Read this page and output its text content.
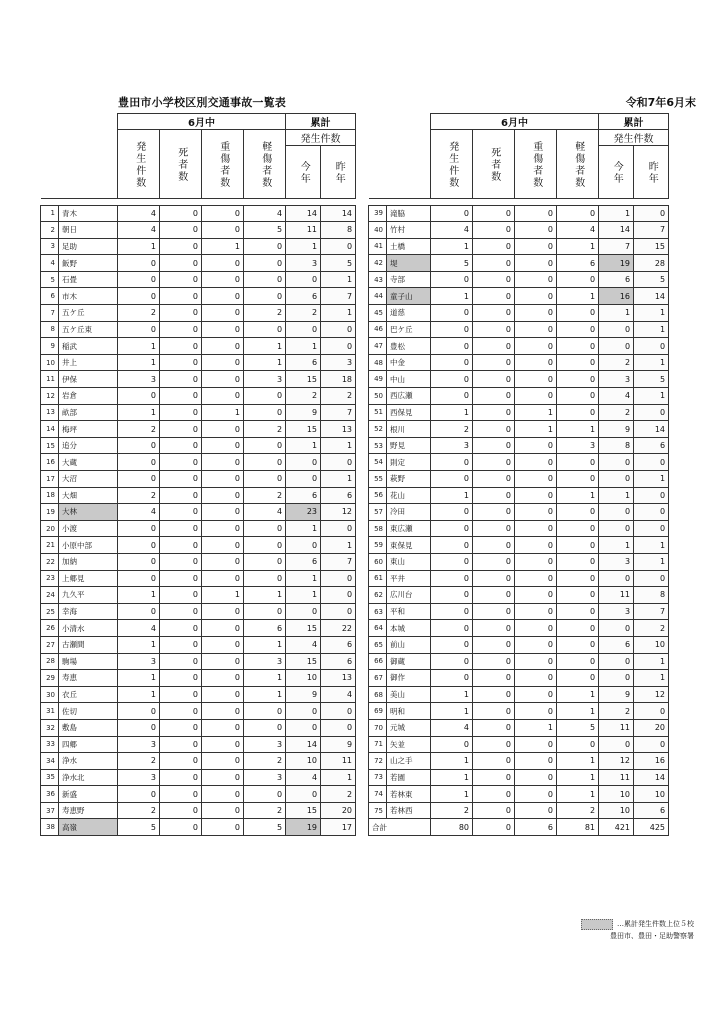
豊田市小学校区別交通事故一覧表	令和7年6月末
		6月中				累計	
		発生件数	死者数	重傷者数	軽傷者数	発生件数	
						今年	昨年

1	青木	4	0	0	4	14	14
2	朝日	4	0	0	5	11	8
3	足助	1	0	1	0	1	0
4	飯野	0	0	0	0	3	5
5	石畳	0	0	0	0	0	1
6	市木	0	0	0	0	6	7
7	五ケ丘	2	0	0	2	2	1
8	五ケ丘東	0	0	0	0	0	0
9	稲武	1	0	0	1	1	0
10	井上	1	0	0	1	6	3
11	伊保	3	0	0	3	15	18
12	岩倉	0	0	0	0	2	2
13	畝部	1	0	1	0	9	7
14	梅坪	2	0	0	2	15	13
15	追分	0	0	0	0	1	1
16	大蔵	0	0	0	0	0	0
17	大沼	0	0	0	0	0	1
18	大畑	2	0	0	2	6	6
19	大林	4	0	0	4	23	12
20	小渡	0	0	0	0	1	0
21	小原中部	0	0	0	0	0	1
22	加納	0	0	0	0	6	7
23	上郷見	0	0	0	0	1	0
24	九久平	1	0	1	1	1	0
25	幸海	0	0	0	0	0	0
26	小清水	4	0	0	6	15	22
27	古瀬間	1	0	0	1	4	6
28	駒場	3	0	0	3	15	6
29	寿恵	1	0	0	1	10	13
30	衣丘	1	0	0	1	9	4
31	佐切	0	0	0	0	0	0
32	敷島	0	0	0	0	0	0
33	四郷	3	0	0	3	14	9
34	浄水	2	0	0	2	10	11
35	浄水北	3	0	0	3	4	1
36	新盛	0	0	0	0	0	2
37	寿恵野	2	0	0	2	15	20
38	高嶺	5	0	0	5	19	17
		6月中				累計	
		発生件数	死者数	重傷者数	軽傷者数	発生件数	
						今年	昨年

39	滝脇	0	0	0	0	1	0
40	竹村	4	0	0	4	14	7
41	土橋	1	0	0	1	7	15
42	堤	5	0	0	6	19	28
43	寺部	0	0	0	0	6	5
44	童子山	1	0	0	1	16	14
45	道慈	0	0	0	0	1	1
46	巴ケ丘	0	0	0	0	0	1
47	豊松	0	0	0	0	0	0
48	中金	0	0	0	0	2	1
49	中山	0	0	0	0	3	5
50	西広瀬	0	0	0	0	4	1
51	西保見	1	0	1	0	2	0
52	根川	2	0	1	1	9	14
53	野見	3	0	0	3	8	6
54	則定	0	0	0	0	0	0
55	萩野	0	0	0	0	0	1
56	花山	1	0	0	1	1	0
57	冷田	0	0	0	0	0	0
58	東広瀬	0	0	0	0	0	0
59	東保見	0	0	0	0	1	1
60	東山	0	0	0	0	3	1
61	平井	0	0	0	0	0	0
62	広川台	0	0	0	0	11	8
63	平和	0	0	0	0	3	7
64	本城	0	0	0	0	0	2
65	前山	0	0	0	0	6	10
66	御蔵	0	0	0	0	0	1
67	御作	0	0	0	0	0	1
68	美山	1	0	0	1	9	12
69	明和	1	0	0	1	2	0
70	元城	4	0	1	5	11	20
71	矢並	0	0	0	0	0	0
72	山之手	1	0	0	1	12	16
73	若園	1	0	0	1	11	14
74	若林東	1	0	0	1	10	10
75	若林西	2	0	0	2	10	6
合計		80	0	6	81	421	425
…累計発生件数上位５校
豊田市、豊田・足助警察署
